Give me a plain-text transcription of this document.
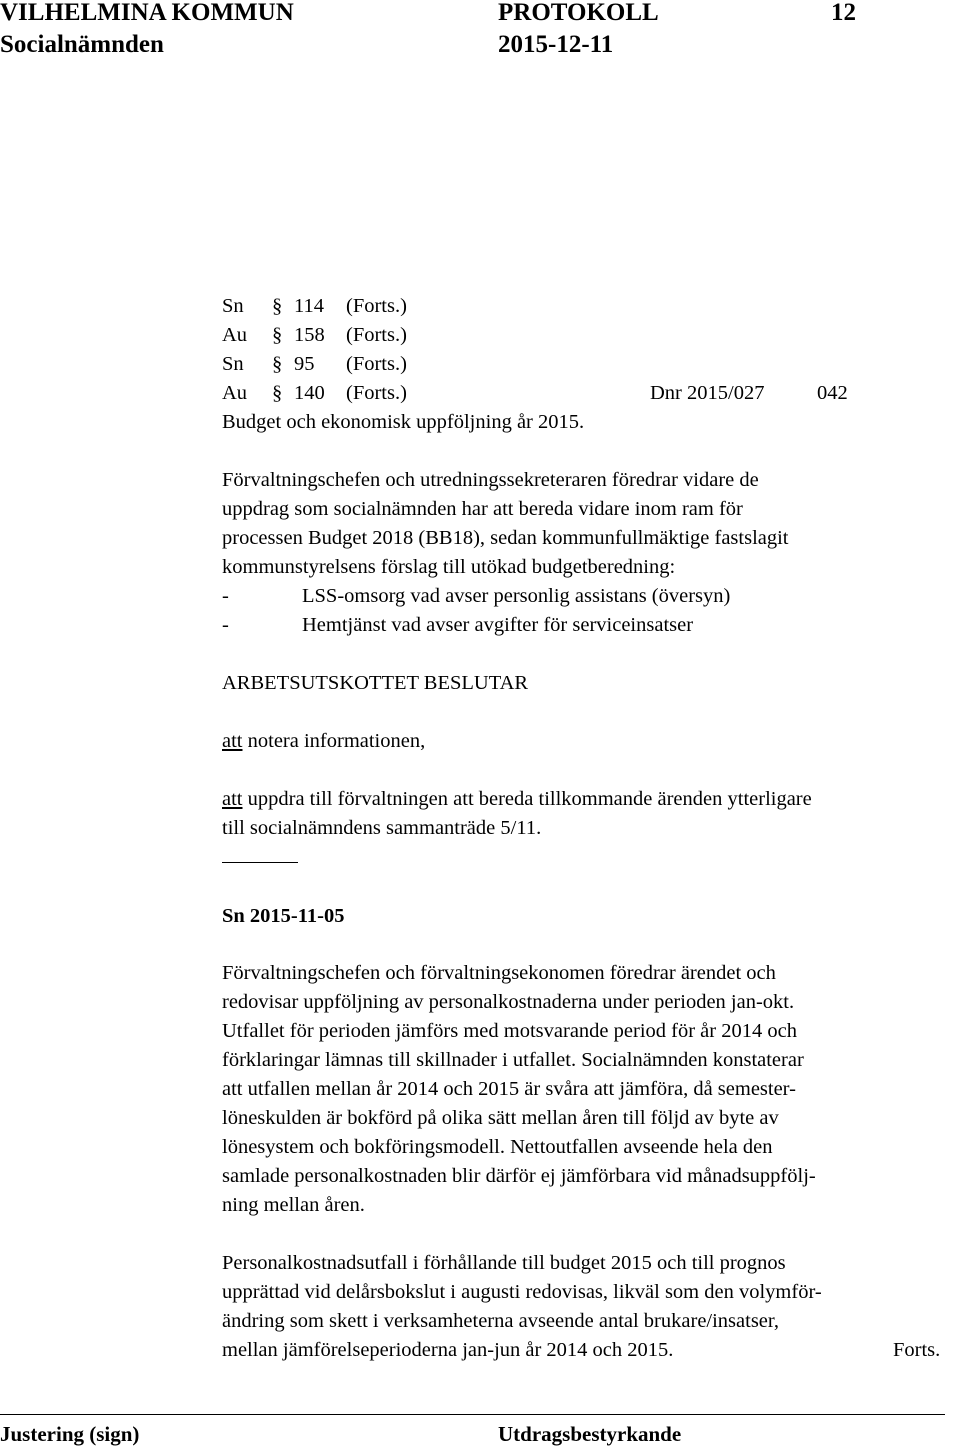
VILHELMINA KOMMUN	PROTOKOLL	12
Socialnämnden	2015-12-11
Sn § 114 (Forts.)
Au § 158 (Forts.)
Sn § 95 (Forts.)
Au § 140 (Forts.)	Dnr 2015/027	042
Budget och ekonomisk uppföljning år 2015.
Förvaltningschefen och utredningssekreteraren föredrar vidare de
uppdrag som socialnämnden har att bereda vidare inom ram för
processen Budget 2018 (BB18), sedan kommunfullmäktige fastslagit
kommunstyrelsens förslag till utökad budgetberedning:
-	LSS-omsorg vad avser personlig assistans (översyn)
-	Hemtjänst vad avser avgifter för serviceinsatser
ARBETSUTSKOTTET BESLUTAR
att notera informationen,
att uppdra till förvaltningen att bereda tillkommande ärenden ytterligare
till socialnämndens sammanträde 5/11.
Sn 2015-11-05
Förvaltningschefen och förvaltningsekonomen föredrar ärendet och
redovisar uppföljning av personalkostnaderna under perioden jan-okt.
Utfallet för perioden jämförs med motsvarande period för år 2014 och
förklaringar lämnas till skillnader i utfallet. Socialnämnden konstaterar
att utfallen mellan år 2014 och 2015 är svåra att jämföra, då semester-
löneskulden är bokförd på olika sätt mellan åren till följd av byte av
lönesystem och bokföringsmodell. Nettoutfallen avseende hela den
samlade personalkostnaden blir därför ej jämförbara vid månadsuppfölj-
ning mellan åren.
Personalkostnadsutfall i förhållande till budget 2015 och till prognos
upprättad vid delårsbokslut i augusti redovisas, likväl som den volymför-
ändring som skett i verksamheterna avseende antal brukare/insatser,
mellan jämförelseperioderna jan-jun år 2014 och 2015.	Forts.
Justering (sign)	Utdragsbestyrkande
